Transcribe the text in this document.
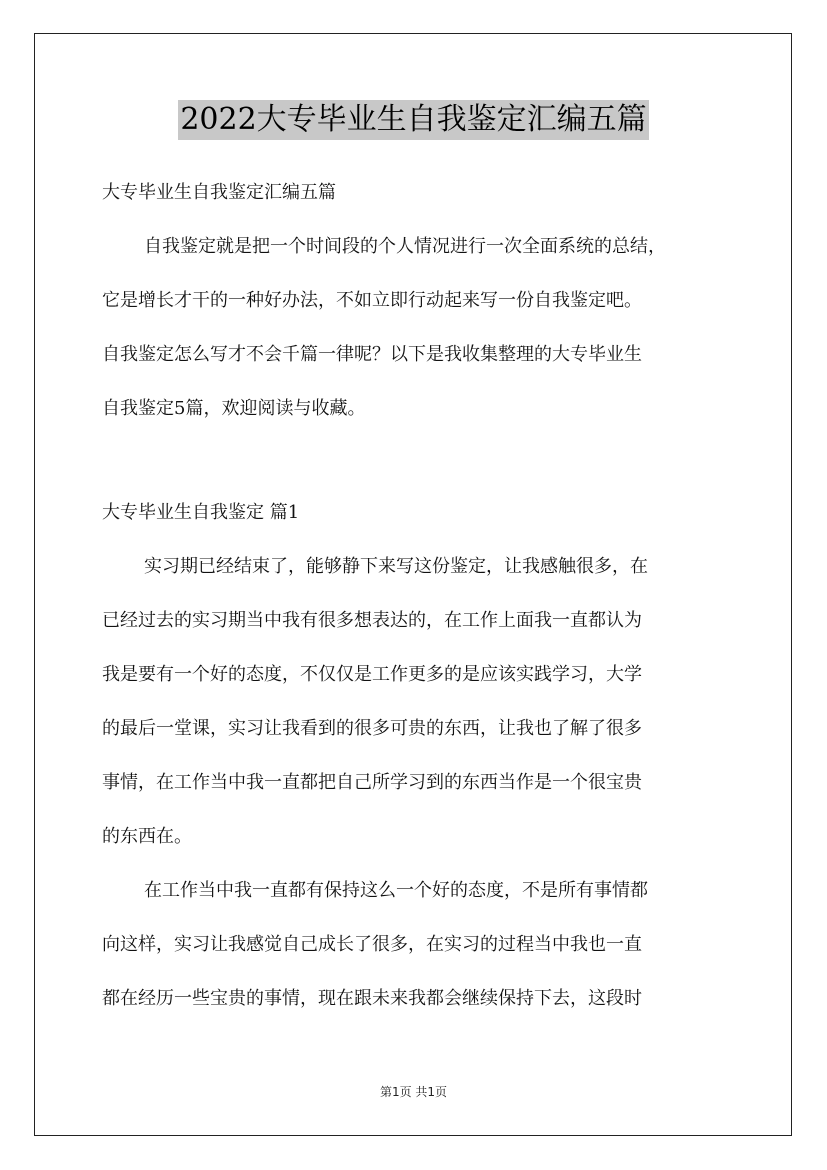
2022大专毕业生自我鉴定汇编五篇
大专毕业生自我鉴定汇编五篇
自我鉴定就是把一个时间段的个人情况进行一次全面系统的总结，
它是增长才干的一种好办法，不如立即行动起来写一份自我鉴定吧。
自我鉴定怎么写才不会千篇一律呢？以下是我收集整理的大专毕业生
自我鉴定5篇，欢迎阅读与收藏。
大专毕业生自我鉴定 篇1
实习期已经结束了，能够静下来写这份鉴定，让我感触很多，在
已经过去的实习期当中我有很多想表达的，在工作上面我一直都认为
我是要有一个好的态度，不仅仅是工作更多的是应该实践学习，大学
的最后一堂课，实习让我看到的很多可贵的东西，让我也了解了很多
事情，在工作当中我一直都把自己所学习到的东西当作是一个很宝贵
的东西在。
在工作当中我一直都有保持这么一个好的态度，不是所有事情都
向这样，实习让我感觉自己成长了很多，在实习的过程当中我也一直
都在经历一些宝贵的事情，现在跟未来我都会继续保持下去，这段时
第1页 共1页
